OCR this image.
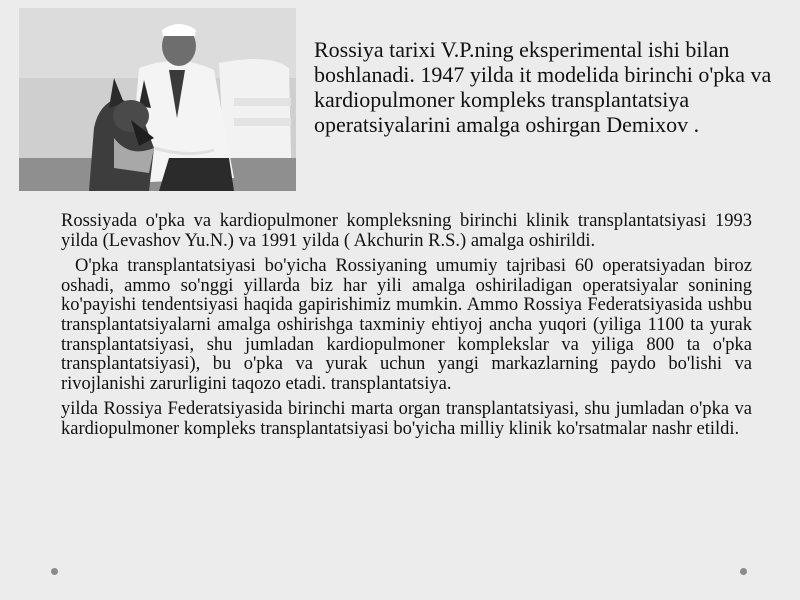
Rossiya tarixi V.P.ning eksperimental ishi bilan boshlanadi. 1947 yilda it modelida birinchi o'pka va kardiopulmoner kompleks transplantatsiya operatsiyalarini amalga oshirgan Demixov .

Rossiyada o'pka va kardiopulmoner kompleksning birinchi klinik transplantatsiyasi 1993 yilda (Levashov Yu.N.) va 1991 yilda ( Akchurin R.S.) amalga oshirildi.

O'pka transplantatsiyasi bo'yicha Rossiyaning umumiy tajribasi 60 operatsiyadan biroz oshadi, ammo so'nggi yillarda biz har yili amalga oshiriladigan operatsiyalar sonining ko'payishi tendentsiyasi haqida gapirishimiz mumkin. Ammo Rossiya Federatsiyasida ushbu transplantatsiyalarni amalga oshirishga taxminiy ehtiyoj ancha yuqori (yiliga 1100 ta yurak transplantatsiyasi, shu jumladan kardiopulmoner komplekslar va yiliga 800 ta o'pka transplantatsiyasi), bu o'pka va yurak uchun yangi markazlarning paydo bo'lishi va rivojlanishi zarurligini taqozo etadi. transplantatsiya.

yilda Rossiya Federatsiyasida birinchi marta organ transplantatsiyasi, shu jumladan o'pka va kardiopulmoner kompleks transplantatsiyasi bo'yicha milliy klinik ko'rsatmalar nashr etildi.
